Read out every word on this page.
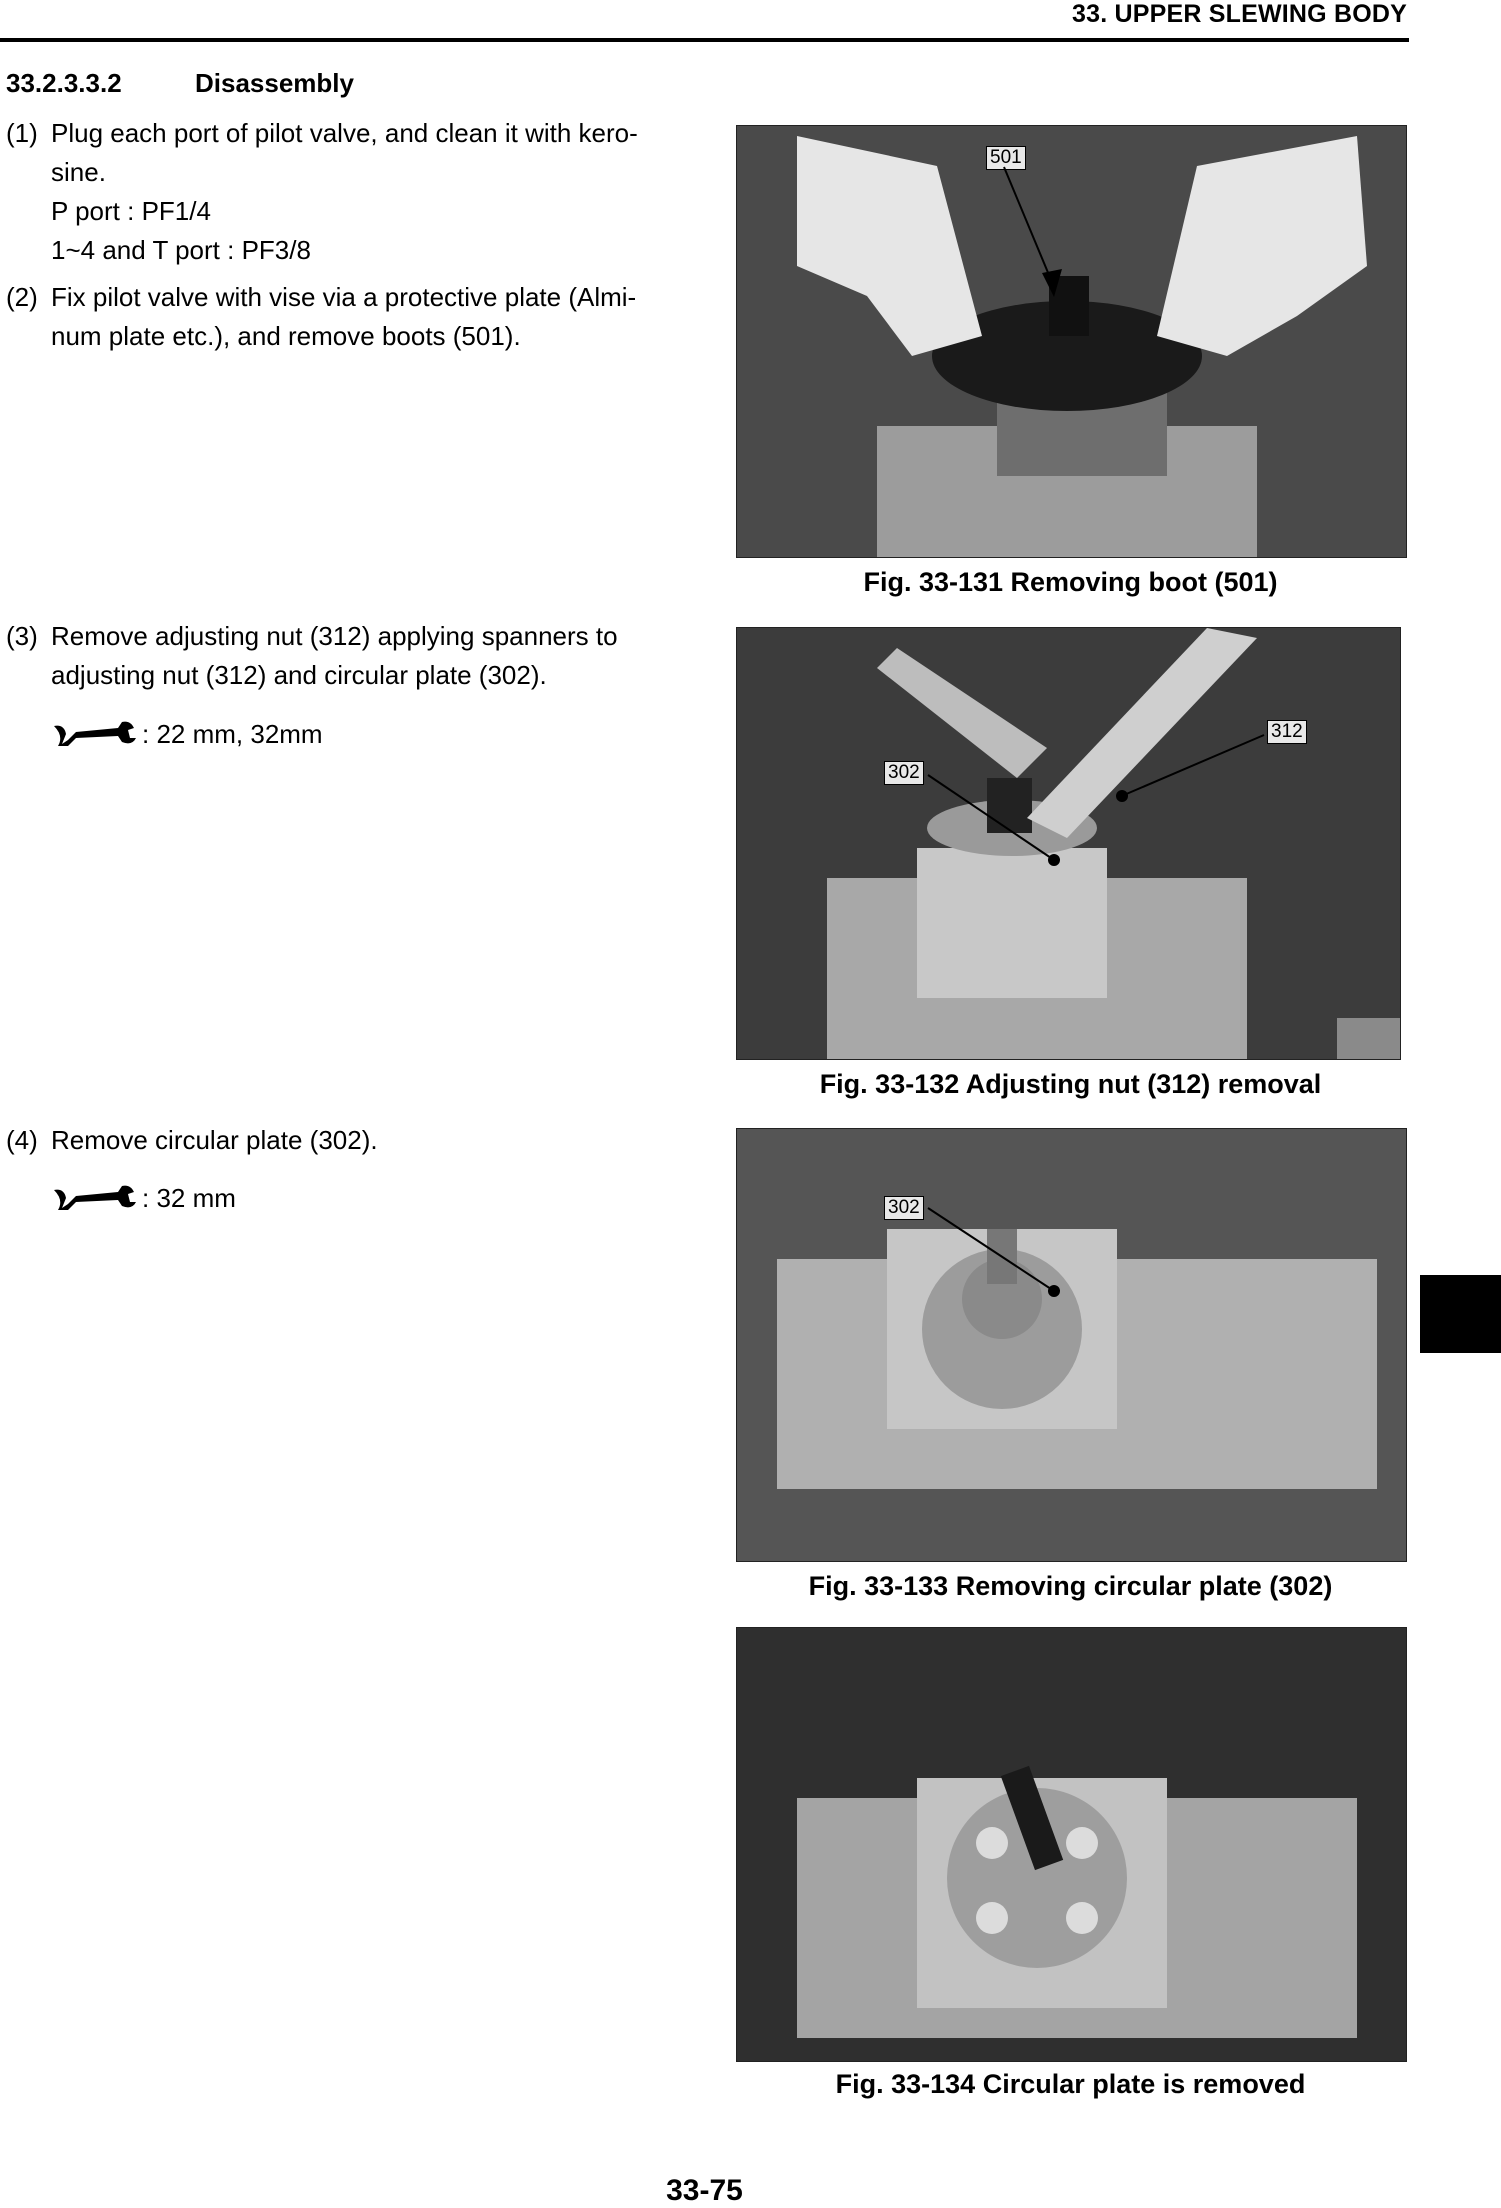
33. UPPER SLEWING BODY
33.2.3.3.2	Disassembly
(1) Plug each port of pilot valve, and clean it with kero-
sine.
P port : PF1/4
1~4 and T port : PF3/8
(2) Fix pilot valve with vise via a protective plate (Almi-
num plate etc.), and remove boots (501).
(3) Remove adjusting nut (312) applying spanners to
adjusting nut (312) and circular plate (302).
: 22 mm, 32mm
(4) Remove circular plate (302).
: 32 mm
501
Fig. 33-131 Removing boot (501)
302
312
Fig. 33-132 Adjusting nut (312) removal
302
Fig. 33-133 Removing circular plate (302)
Fig. 33-134 Circular plate is removed
33-75
